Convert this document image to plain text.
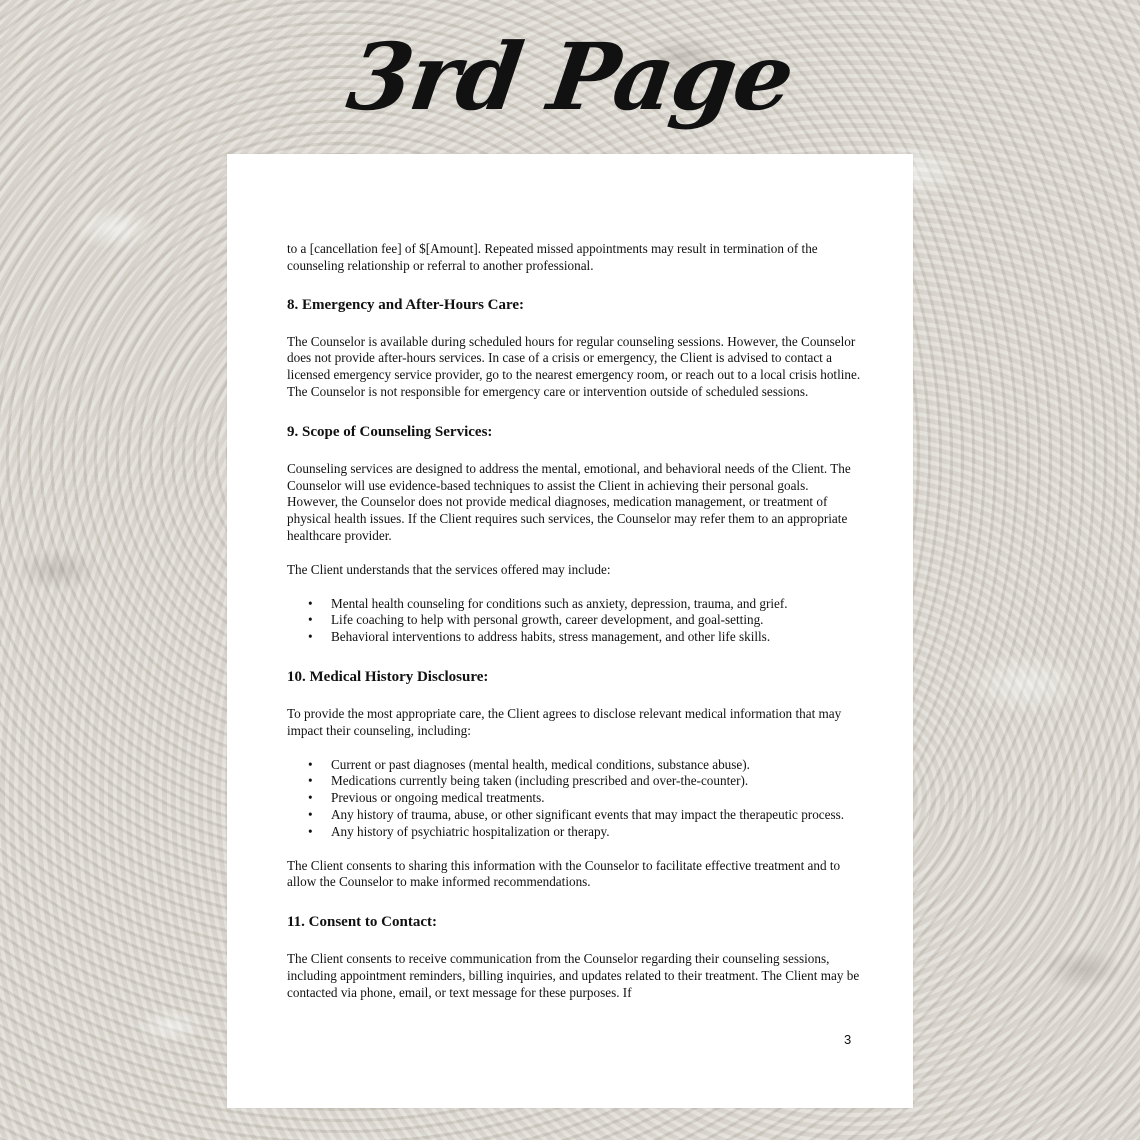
3rd Page

to a [cancellation fee] of $[Amount]. Repeated missed appointments may result in termination of the counseling relationship or referral to another professional.

8. Emergency and After-Hours Care:

The Counselor is available during scheduled hours for regular counseling sessions. However, the Counselor does not provide after-hours services. In case of a crisis or emergency, the Client is advised to contact a licensed emergency service provider, go to the nearest emergency room, or reach out to a local crisis hotline. The Counselor is not responsible for emergency care or intervention outside of scheduled sessions.

9. Scope of Counseling Services:

Counseling services are designed to address the mental, emotional, and behavioral needs of the Client. The Counselor will use evidence-based techniques to assist the Client in achieving their personal goals. However, the Counselor does not provide medical diagnoses, medication management, or treatment of physical health issues. If the Client requires such services, the Counselor may refer them to an appropriate healthcare provider.

The Client understands that the services offered may include:

• Mental health counseling for conditions such as anxiety, depression, trauma, and grief.
• Life coaching to help with personal growth, career development, and goal-setting.
• Behavioral interventions to address habits, stress management, and other life skills.
10. Medical History Disclosure:

To provide the most appropriate care, the Client agrees to disclose relevant medical information that may impact their counseling, including:

• Current or past diagnoses (mental health, medical conditions, substance abuse).
• Medications currently being taken (including prescribed and over-the-counter).
• Previous or ongoing medical treatments.
• Any history of trauma, abuse, or other significant events that may impact the therapeutic process.
• Any history of psychiatric hospitalization or therapy.

The Client consents to sharing this information with the Counselor to facilitate effective treatment and to allow the Counselor to make informed recommendations.

11. Consent to Contact:

The Client consents to receive communication from the Counselor regarding their counseling sessions, including appointment reminders, billing inquiries, and updates related to their treatment. The Client may be contacted via phone, email, or text message for these purposes. If

3
